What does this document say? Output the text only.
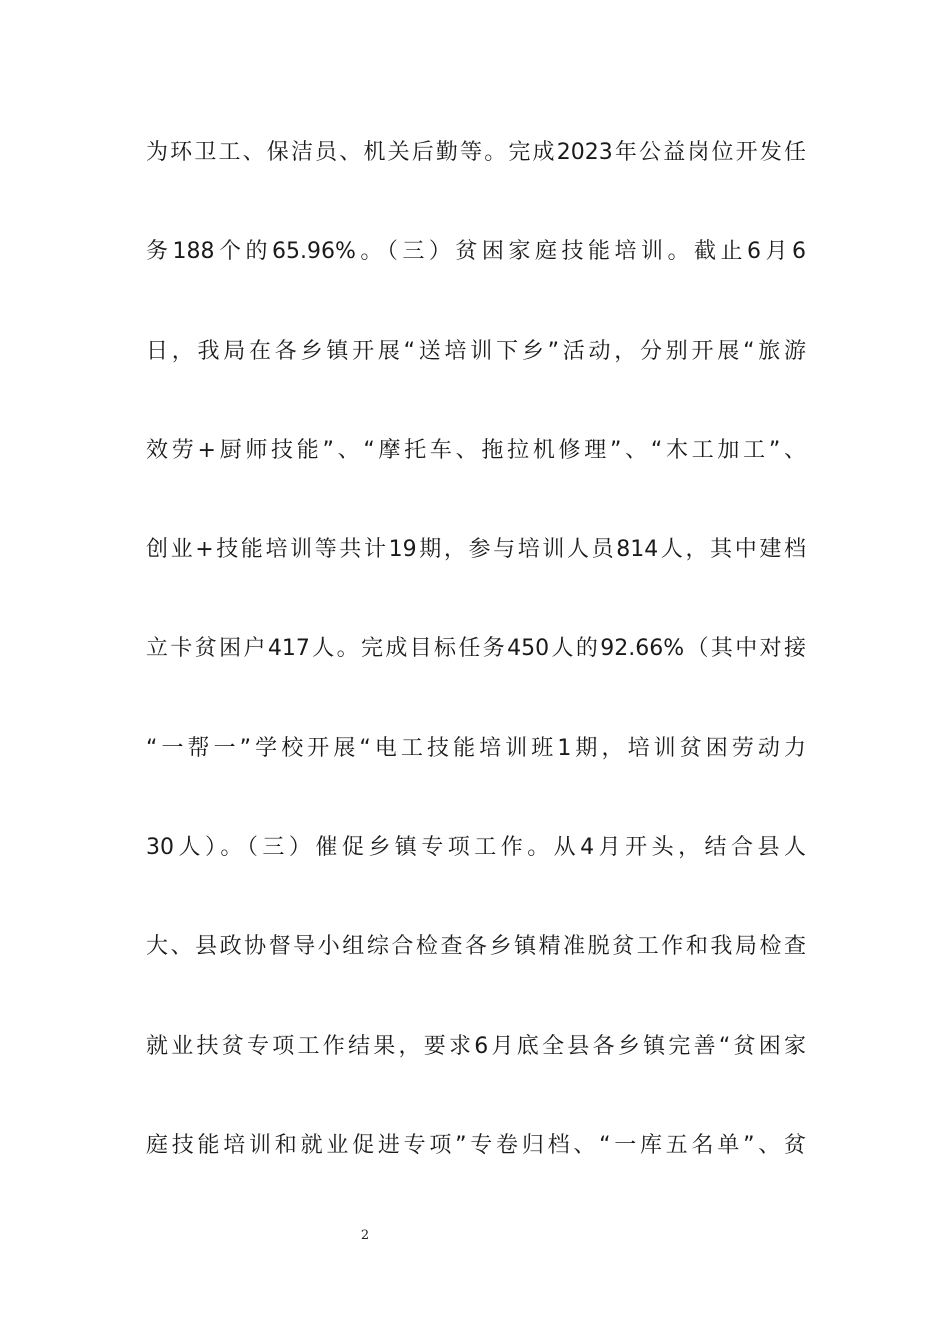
为环卫工、保洁员、机关后勤等。完成2023年公益岗位开发任
务188个的65.96%。（三）贫困家庭技能培训。截止6月6
日，我局在各乡镇开展“送培训下乡”活动，分别开展“旅游
效劳+厨师技能”、“摩托车、拖拉机修理”、“木工加工”、
创业+技能培训等共计19期，参与培训人员814人，其中建档
立卡贫困户417人。完成目标任务450人的92.66%（其中对接
“一帮一”学校开展“电工技能培训班1期，培训贫困劳动力
30人）。（三）催促乡镇专项工作。从4月开头，结合县人
大、县政协督导小组综合检查各乡镇精准脱贫工作和我局检查
就业扶贫专项工作结果，要求6月底全县各乡镇完善“贫困家
庭技能培训和就业促进专项”专卷归档、“一库五名单”、贫
2
